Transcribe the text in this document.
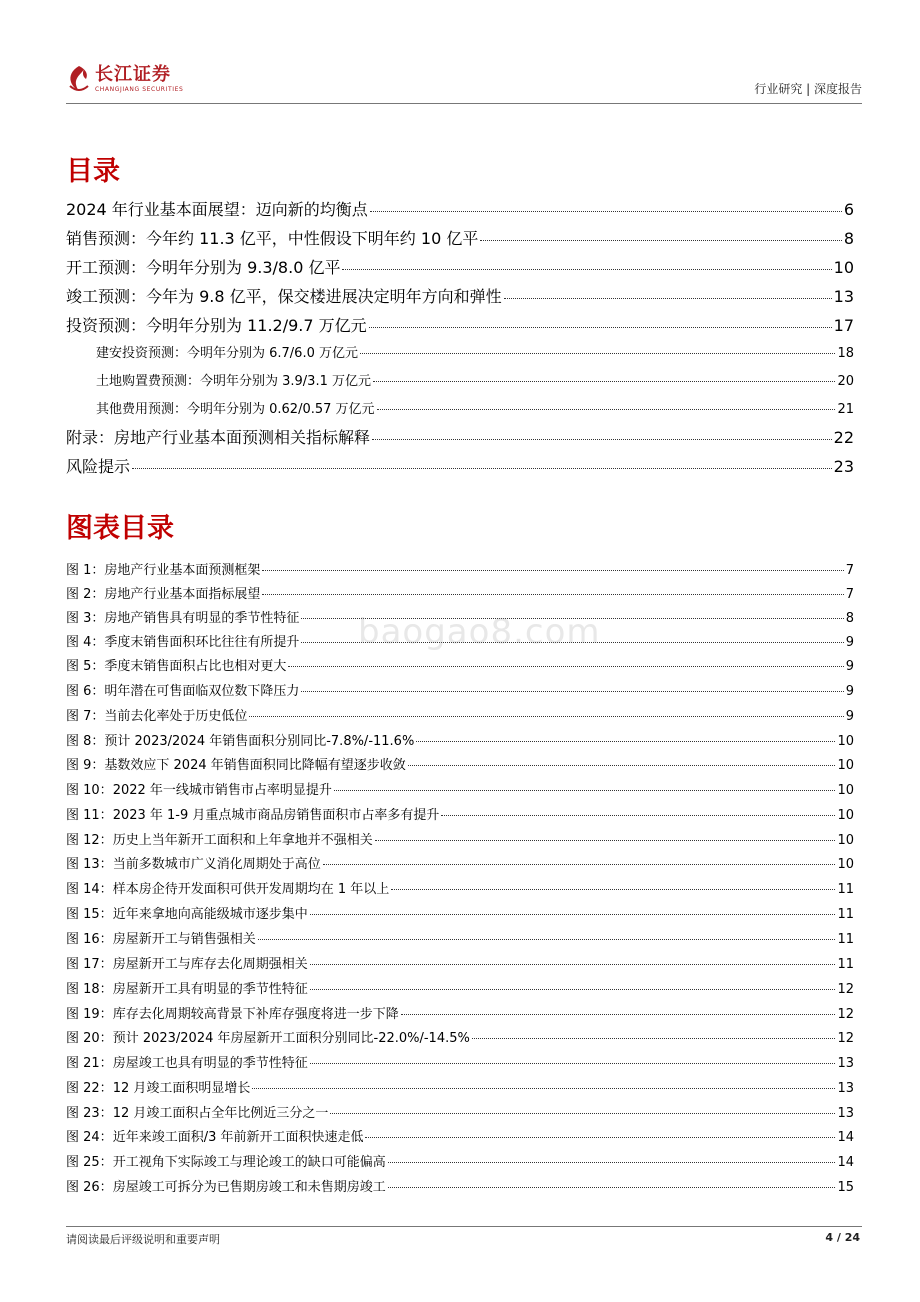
长江证券
CHANGJIANG SECURITIES	行业研究 | 深度报告
目录
2024 年行业基本面展望：迈向新的均衡点	6
销售预测：今年约 11.3 亿平，中性假设下明年约 10 亿平	8
开工预测：今明年分别为 9.3/8.0 亿平	10
竣工预测：今年为 9.8 亿平，保交楼进展决定明年方向和弹性	13
投资预测：今明年分别为 11.2/9.7 万亿元	17
建安投资预测：今明年分别为 6.7/6.0 万亿元	18
土地购置费预测：今明年分别为 3.9/3.1 万亿元	20
其他费用预测：今明年分别为 0.62/0.57 万亿元	21
附录：房地产行业基本面预测相关指标解释	22
风险提示	23
图表目录
图 1：房地产行业基本面预测框架	7
图 2：房地产行业基本面指标展望	7
图 3：房地产销售具有明显的季节性特征	8
图 4：季度末销售面积环比往往有所提升	9
图 5：季度末销售面积占比也相对更大	9
图 6：明年潜在可售面临双位数下降压力	9
图 7：当前去化率处于历史低位	9
图 8：预计 2023/2024 年销售面积分别同比-7.8%/-11.6%	10
图 9：基数效应下 2024 年销售面积同比降幅有望逐步收敛	10
图 10：2022 年一线城市销售市占率明显提升	10
图 11：2023 年 1-9 月重点城市商品房销售面积市占率多有提升	10
图 12：历史上当年新开工面积和上年拿地并不强相关	10
图 13：当前多数城市广义消化周期处于高位	10
图 14：样本房企待开发面积可供开发周期均在 1 年以上	11
图 15：近年来拿地向高能级城市逐步集中	11
图 16：房屋新开工与销售强相关	11
图 17：房屋新开工与库存去化周期强相关	11
图 18：房屋新开工具有明显的季节性特征	12
图 19：库存去化周期较高背景下补库存强度将进一步下降	12
图 20：预计 2023/2024 年房屋新开工面积分别同比-22.0%/-14.5%	12
图 21：房屋竣工也具有明显的季节性特征	13
图 22：12 月竣工面积明显增长	13
图 23：12 月竣工面积占全年比例近三分之一	13
图 24：近年来竣工面积/3 年前新开工面积快速走低	14
图 25：开工视角下实际竣工与理论竣工的缺口可能偏高	14
图 26：房屋竣工可拆分为已售期房竣工和未售期房竣工	15
baogao8.com
请阅读最后评级说明和重要声明	4 / 24
